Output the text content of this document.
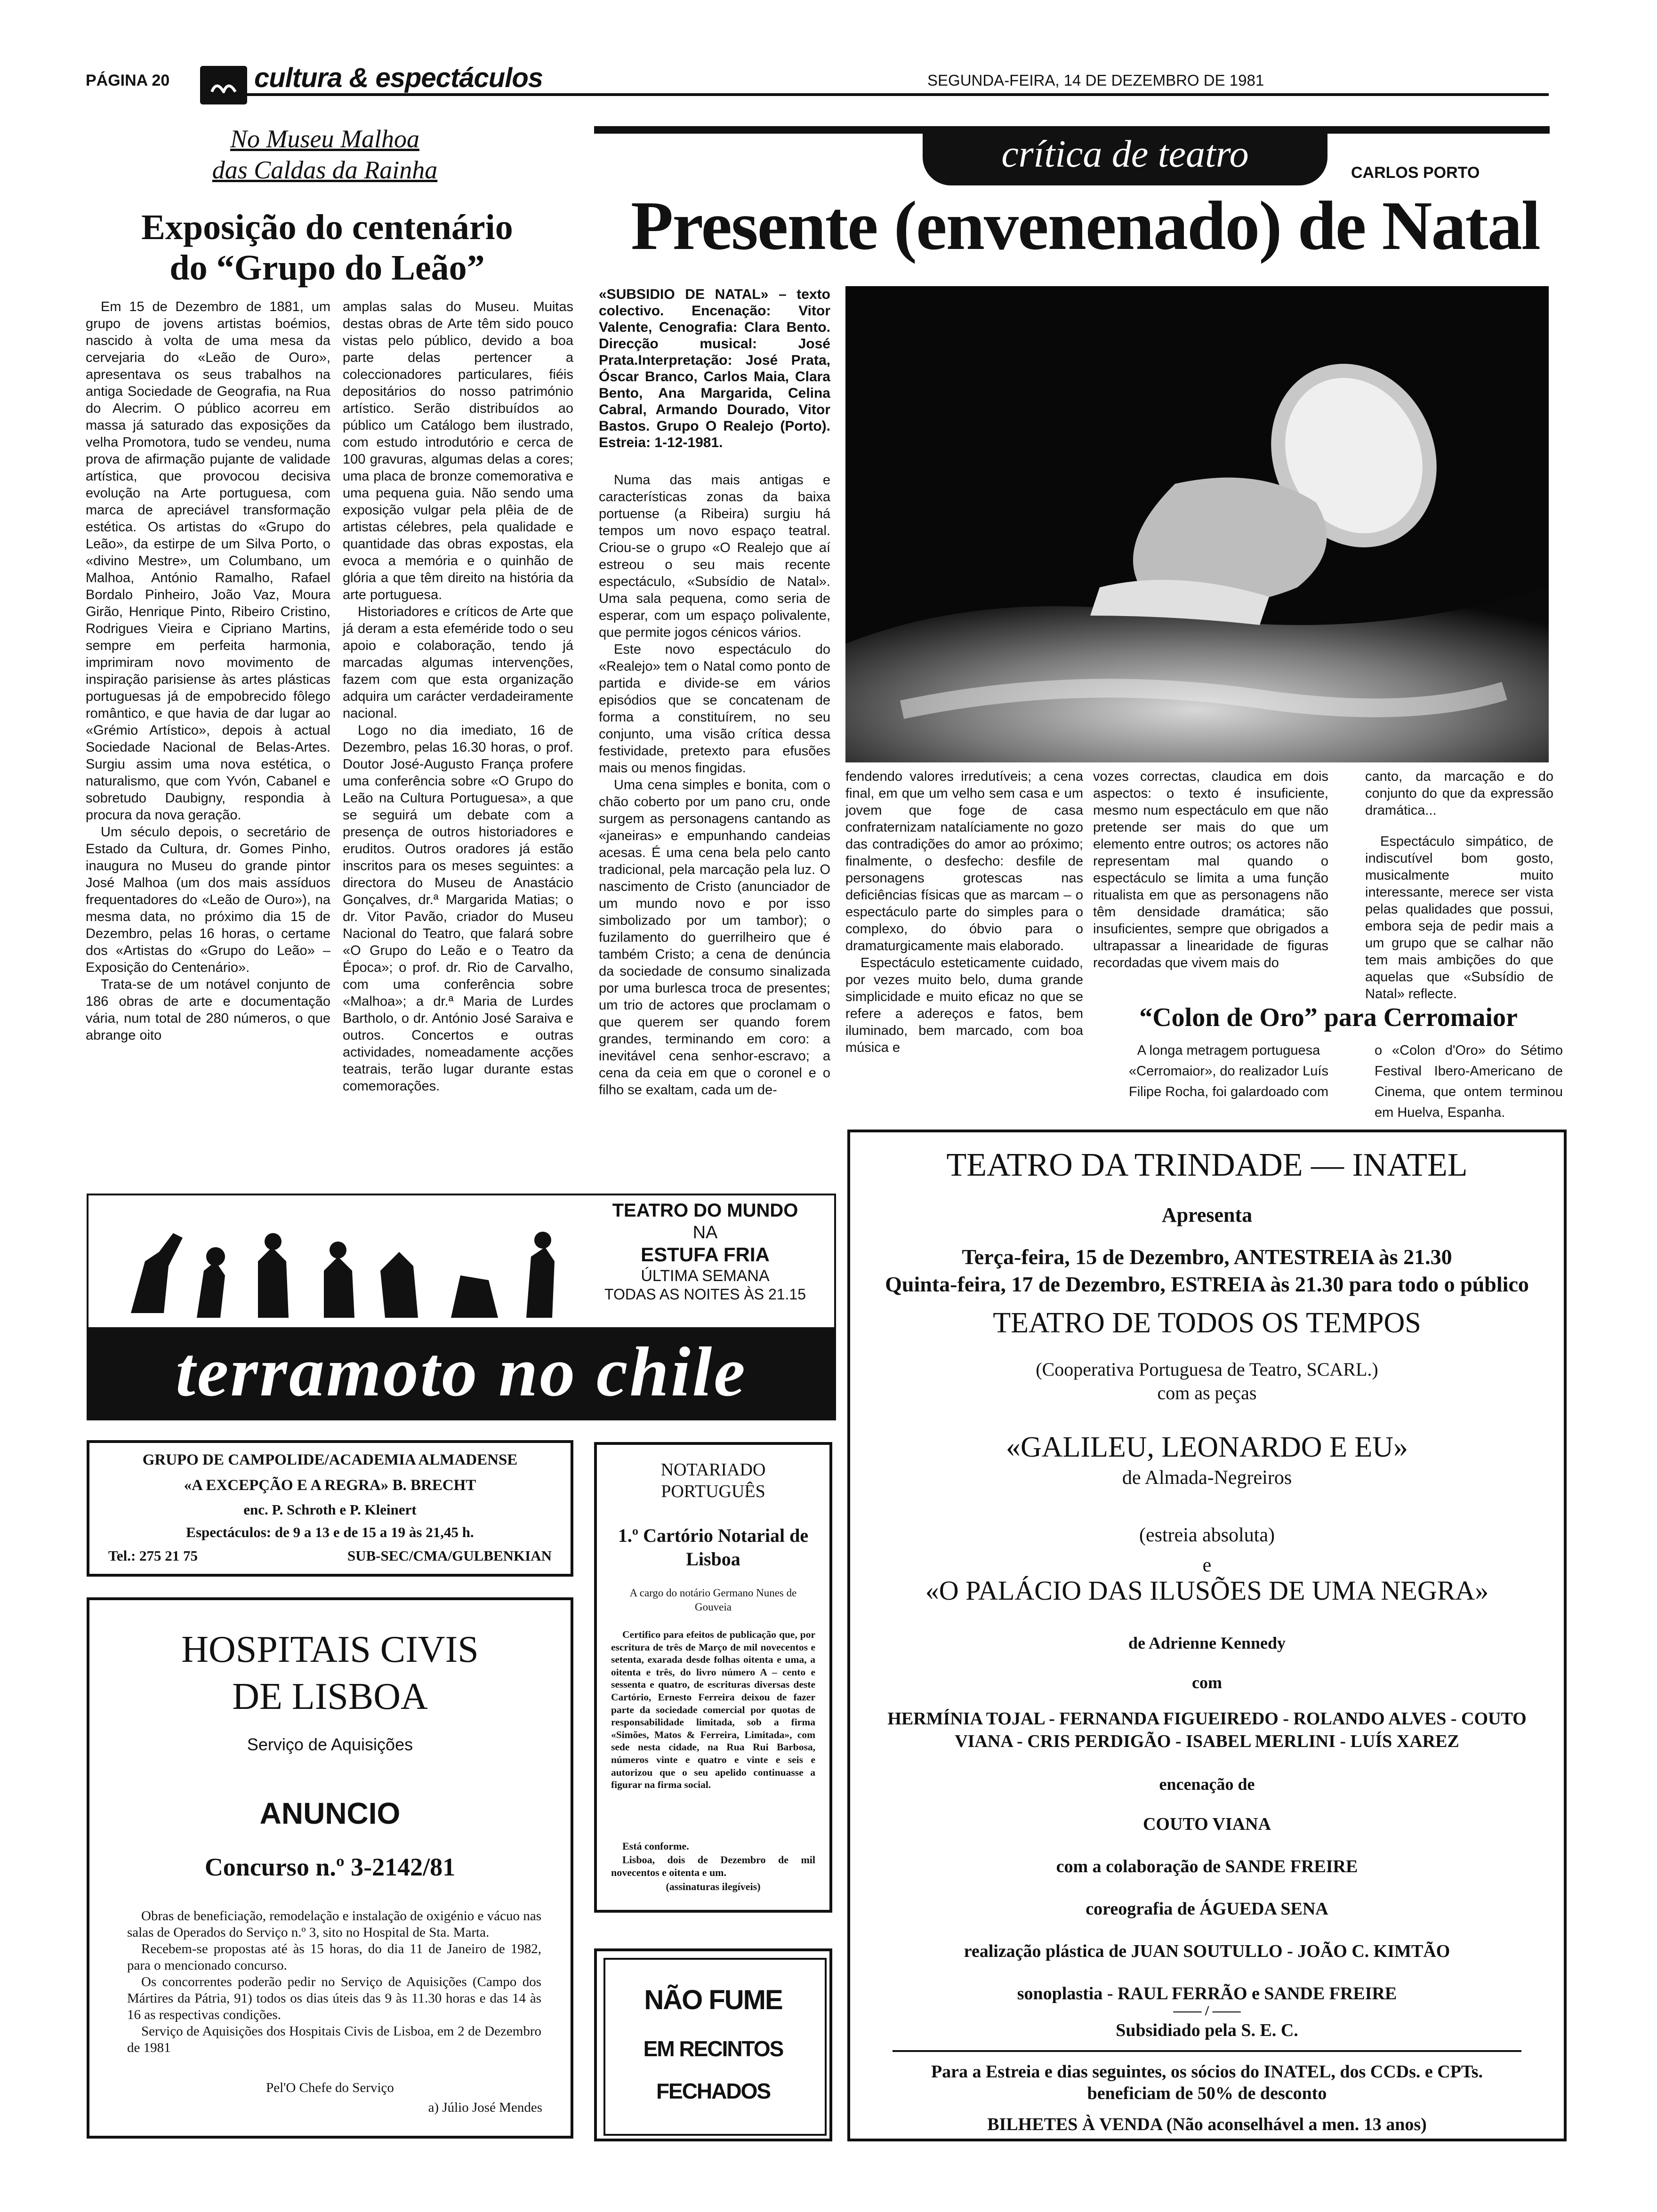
PÁGINA 20	cultura & espectáculos	SEGUNDA-FEIRA, 14 DE DEZEMBRO DE 1981
No Museu Malhoa
das Caldas da Rainha
Exposição do centenário
do “Grupo do Leão”

Em 15 de Dezembro de 1881, um grupo de jovens artistas boémios, nascido à volta de uma mesa da cervejaria do «Leão de Ouro», apresentava os seus trabalhos na antiga Sociedade de Geografia, na Rua do Alecrim. O público acorreu em massa já saturado das exposições da velha Promotora, tudo se vendeu, numa prova de afirmação pujante de validade artística, que provocou decisiva evolução na Arte portuguesa, com marca de apreciável transformação estética. Os artistas do «Grupo do Leão», da estirpe de um Silva Porto, o «divino Mestre», um Columbano, um Malhoa, António Ramalho, Rafael Bordalo Pinheiro, João Vaz, Moura Girão, Henrique Pinto, Ribeiro Cristino, Rodrigues Vieira e Cipriano Martins, sempre em perfeita harmonia, imprimiram novo movimento de inspiração parisiense às artes plásticas portuguesas já de empobrecido fôlego romântico, e que havia de dar lugar ao «Grémio Artístico», depois à actual Sociedade Nacional de Belas-Artes. Surgiu assim uma nova estética, o naturalismo, que com Yvón, Cabanel e sobretudo Daubigny, respondia à procura da nova geração.

Um século depois, o secretário de Estado da Cultura, dr. Gomes Pinho, inaugura no Museu do grande pintor José Malhoa (um dos mais assíduos frequentadores do «Leão de Ouro»), na mesma data, no próximo dia 15 de Dezembro, pelas 16 horas, o certame dos «Artistas do «Grupo do Leão» – Exposição do Centenário».

Trata-se de um notável conjunto de 186 obras de arte e documentação vária, num total de 280 números, o que abrange oito

amplas salas do Museu. Muitas destas obras de Arte têm sido pouco vistas pelo público, devido a boa parte delas pertencer a coleccionadores particulares, fiéis depositários do nosso património artístico. Serão distribuídos ao público um Catálogo bem ilustrado, com estudo introdutório e cerca de 100 gravuras, algumas delas a cores; uma placa de bronze comemorativa e uma pequena guia. Não sendo uma exposição vulgar pela plêia de de artistas célebres, pela qualidade e quantidade das obras expostas, ela evoca a memória e o quinhão de glória a que têm direito na história da arte portuguesa.

Historiadores e críticos de Arte que já deram a esta efeméride todo o seu apoio e colaboração, tendo já marcadas algumas intervenções, fazem com que esta organização adquira um carácter verdadeiramente nacional.

Logo no dia imediato, 16 de Dezembro, pelas 16.30 horas, o prof. Doutor José-Augusto França profere uma conferência sobre «O Grupo do Leão na Cultura Portuguesa», a que se seguirá um debate com a presença de outros historiadores e eruditos. Outros oradores já estão inscritos para os meses seguintes: a directora do Museu de Anastácio Gonçalves, dr.ª Margarida Matias; o dr. Vitor Pavão, criador do Museu Nacional do Teatro, que falará sobre «O Grupo do Leão e o Teatro da Época»; o prof. dr. Rio de Carvalho, com uma conferência sobre «Malhoa»; a dr.ª Maria de Lurdes Bartholo, o dr. António José Saraiva e outros. Concertos e outras actividades, nomeadamente acções teatrais, terão lugar durante estas comemorações.

crítica de teatro	CARLOS PORTO
Presente (envenenado) de Natal
«SUBSIDIO DE NATAL» – texto colectivo. Encenação: Vitor Valente, Cenografia: Clara Bento. Direcção musical: José Prata.Interpretação: José Prata, Óscar Branco, Carlos Maia, Clara Bento, Ana Margarida, Celina Cabral, Armando Dourado, Vitor Bastos. Grupo O Realejo (Porto). Estreia: 1-12-1981.

Numa das mais antigas e características zonas da baixa portuense (a Ribeira) surgiu há tempos um novo espaço teatral. Criou-se o grupo «O Realejo que aí estreou o seu mais recente espectáculo, «Subsídio de Natal». Uma sala pequena, como seria de esperar, com um espaço polivalente, que permite jogos cénicos vários.

Este novo espectáculo do «Realejo» tem o Natal como ponto de partida e divide-se em vários episódios que se concatenam de forma a constituírem, no seu conjunto, uma visão crítica dessa festividade, pretexto para efusões mais ou menos fingidas.

Uma cena simples e bonita, com o chão coberto por um pano cru, onde surgem as personagens cantando as «janeiras» e empunhando candeias acesas. É uma cena bela pelo canto tradicional, pela marcação pela luz. O nascimento de Cristo (anunciador de um mundo novo e por isso simbolizado por um tambor); o fuzilamento do guerrilheiro que é também Cristo; a cena de denúncia da sociedade de consumo sinalizada por uma burlesca troca de presentes; um trio de actores que proclamam o que querem ser quando forem grandes, terminando em coro: a inevitável cena senhor-escravo; a cena da ceia em que o coronel e o filho se exaltam, cada um de-

fendendo valores irredutíveis; a cena final, em que um velho sem casa e um jovem que foge de casa confraternizam natalíciamente no gozo das contradições do amor ao próximo; finalmente, o desfecho: desfile de personagens grotescas nas deficiências físicas que as marcam – o espectáculo parte do simples para o complexo, do óbvio para o dramaturgicamente mais elaborado.

Espectáculo esteticamente cuidado, por vezes muito belo, duma grande simplicidade e muito eficaz no que se refere a adereços e fatos, bem iluminado, bem marcado, com boa música e

vozes correctas, claudica em dois aspectos: o texto é insuficiente, mesmo num espectáculo em que não pretende ser mais do que um elemento entre outros; os actores não representam mal quando o espectáculo se limita a uma função ritualista em que as personagens não têm densidade dramática; são insuficientes, sempre que obrigados a ultrapassar a linearidade de figuras recordadas que vivem mais do

canto, da marcação e do conjunto do que da expressão dramática...

Espectáculo simpático, de indiscutível bom gosto, musicalmente muito interessante, merece ser vista pelas qualidades que possui, embora seja de pedir mais a um grupo que se calhar não tem mais ambições do que aquelas que «Subsídio de Natal» reflecte.

“Colon de Oro” para Cerromaior
A longa metragem portuguesa «Cerromaior», do realizador Luís Filipe Rocha, foi galardoado com
o «Colon d'Oro» do Sétimo Festival Ibero-Americano de Cinema, que ontem terminou em Huelva, Espanha.
TEATRO DO MUNDO
NA
ESTUFA FRIA
ÚLTIMA SEMANA
TODAS AS NOITES ÀS 21.15
terramoto no chile
GRUPO DE CAMPOLIDE/ACADEMIA ALMADENSE
«A EXCEPÇÃO E A REGRA» B. BRECHT
enc. P. Schroth e P. Kleinert
Espectáculos: de 9 a 13 e de 15 a 19 às 21,45 h.
Tel.: 275 21 75	SUB-SEC/CMA/GULBENKIAN
HOSPITAIS CIVIS
DE LISBOA
Serviço de Aquisições
ANUNCIO
Concurso n.º 3-2142/81

Obras de beneficiação, remodelação e instalação de oxigénio e vácuo nas salas de Operados do Serviço n.º 3, sito no Hospital de Sta. Marta.

Recebem-se propostas até às 15 horas, do dia 11 de Janeiro de 1982, para o mencionado concurso.

Os concorrentes poderão pedir no Serviço de Aquisições (Campo dos Mártires da Pátria, 91) todos os dias úteis das 9 às 11.30 horas e das 14 às 16 as respectivas condições.

Serviço de Aquisições dos Hospitais Civis de Lisboa, em 2 de Dezembro de 1981

Pel'O Chefe do Serviço
a) Júlio José Mendes
NOTARIADO PORTUGUÊS
1.º Cartório Notarial de Lisboa
A cargo do notário Germano Nunes de Gouveia
Certifico para efeitos de publicação que, por escritura de três de Março de mil novecentos e setenta, exarada desde folhas oitenta e uma, a oitenta e três, do livro número A – cento e sessenta e quatro, de escrituras diversas deste Cartório, Ernesto Ferreira deixou de fazer parte da sociedade comercial por quotas de responsabilidade limitada, sob a firma «Simões, Matos & Ferreira, Limitada», com sede nesta cidade, na Rua Rui Barbosa, números vinte e quatro e vinte e seis e autorizou que o seu apelido continuasse a figurar na firma social.
Está conforme.
Lisboa, dois de Dezembro de mil novecentos e oitenta e um.
(assinaturas ilegíveis)
NÃO FUME
EM RECINTOS
FECHADOS
TEATRO DA TRINDADE — INATEL
Apresenta
Terça-feira, 15 de Dezembro, ANTESTREIA às 21.30
Quinta-feira, 17 de Dezembro, ESTREIA às 21.30 para todo o público
TEATRO DE TODOS OS TEMPOS
(Cooperativa Portuguesa de Teatro, SCARL.)
com as peças
«GALILEU, LEONARDO E EU»
de Almada-Negreiros
(estreia absoluta)
e
«O PALÁCIO DAS ILUSÕES DE UMA NEGRA»
de Adrienne Kennedy
com
HERMÍNIA TOJAL - FERNANDA FIGUEIREDO - ROLANDO ALVES - COUTO
VIANA - CRIS PERDIGÃO - ISABEL MERLINI - LUÍS XAREZ
encenação de
COUTO VIANA
com a colaboração de SANDE FREIRE
coreografia de ÁGUEDA SENA
realização plástica de JUAN SOUTULLO - JOÃO C. KIMTÃO
sonoplastia - RAUL FERRÃO e SANDE FREIRE
—— / ——
Subsidiado pela S. E. C.
Para a Estreia e dias seguintes, os sócios do INATEL, dos CCDs. e CPTs.
beneficiam de 50% de desconto
BILHETES À VENDA (Não aconselhável a men. 13 anos)
